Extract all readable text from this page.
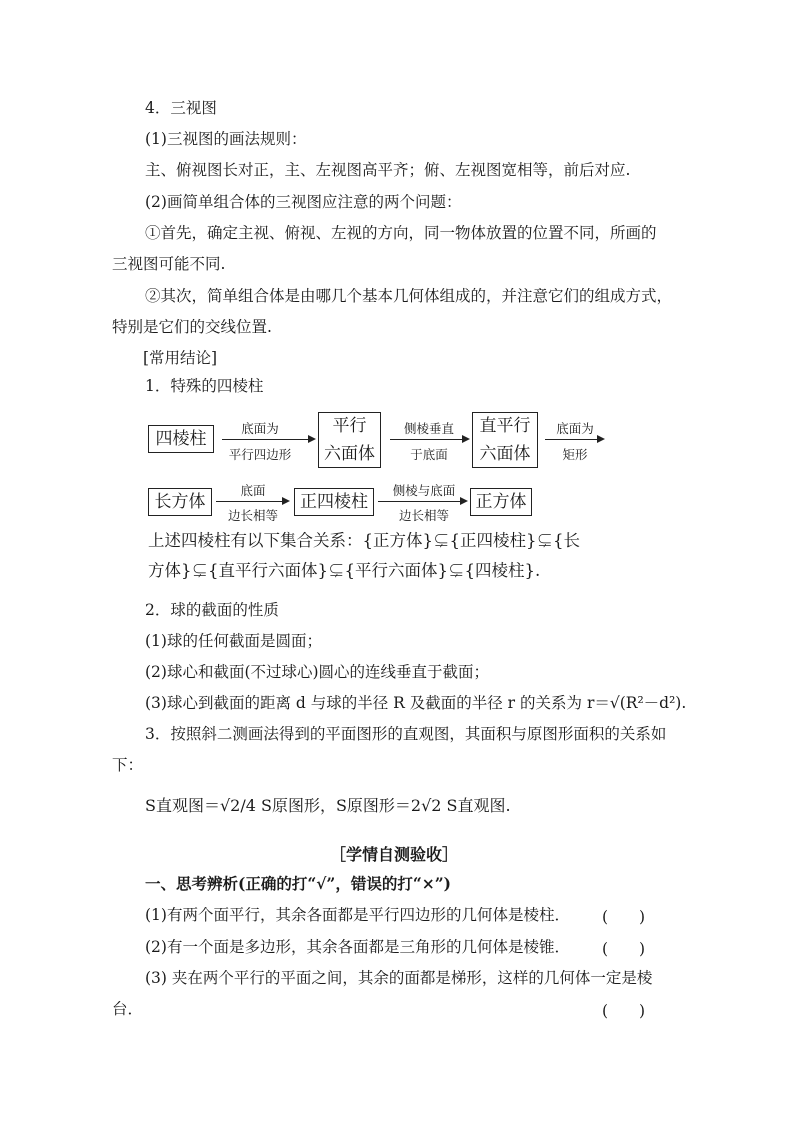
4．三视图
(1)三视图的画法规则：
主、俯视图长对正，主、左视图高平齐；俯、左视图宽相等，前后对应.
(2)画简单组合体的三视图应注意的两个问题：
①首先，确定主视、俯视、左视的方向，同一物体放置的位置不同，所画的
三视图可能不同.
②其次，简单组合体是由哪几个基本几何体组成的，并注意它们的组成方式，
特别是它们的交线位置.
[常用结论]
1．特殊的四棱柱
四棱柱
底面为
平行四边形
平行
六面体
侧棱垂直
于底面
直平行
六面体
底面为
矩形
长方体
底面
边长相等
正四棱柱
侧棱与底面
边长相等
正方体
上述四棱柱有以下集合关系：{正方体}⊊{正四棱柱}⊊{长
方体}⊊{直平行六面体}⊊{平行六面体}⊊{四棱柱}.
2．球的截面的性质
(1)球的任何截面是圆面；
(2)球心和截面(不过球心)圆心的连线垂直于截面；
(3)球心到截面的距离 d 与球的半径 R 及截面的半径 r 的关系为 r＝√(R²－d²).
3．按照斜二测画法得到的平面图形的直观图，其面积与原图形面积的关系如
下：
S直观图＝√2/4 S原图形，S原图形＝2√2 S直观图.
［学情自测验收］
一、思考辨析(正确的打“√”，错误的打“×”)
(1)有两个面平行，其余各面都是平行四边形的几何体是棱柱． (　　)
(2)有一个面是多边形，其余各面都是三角形的几何体是棱锥． (　　)
(3) 夹在两个平行的平面之间，其余的面都是梯形，这样的几何体一定是棱
台．	(　　)
